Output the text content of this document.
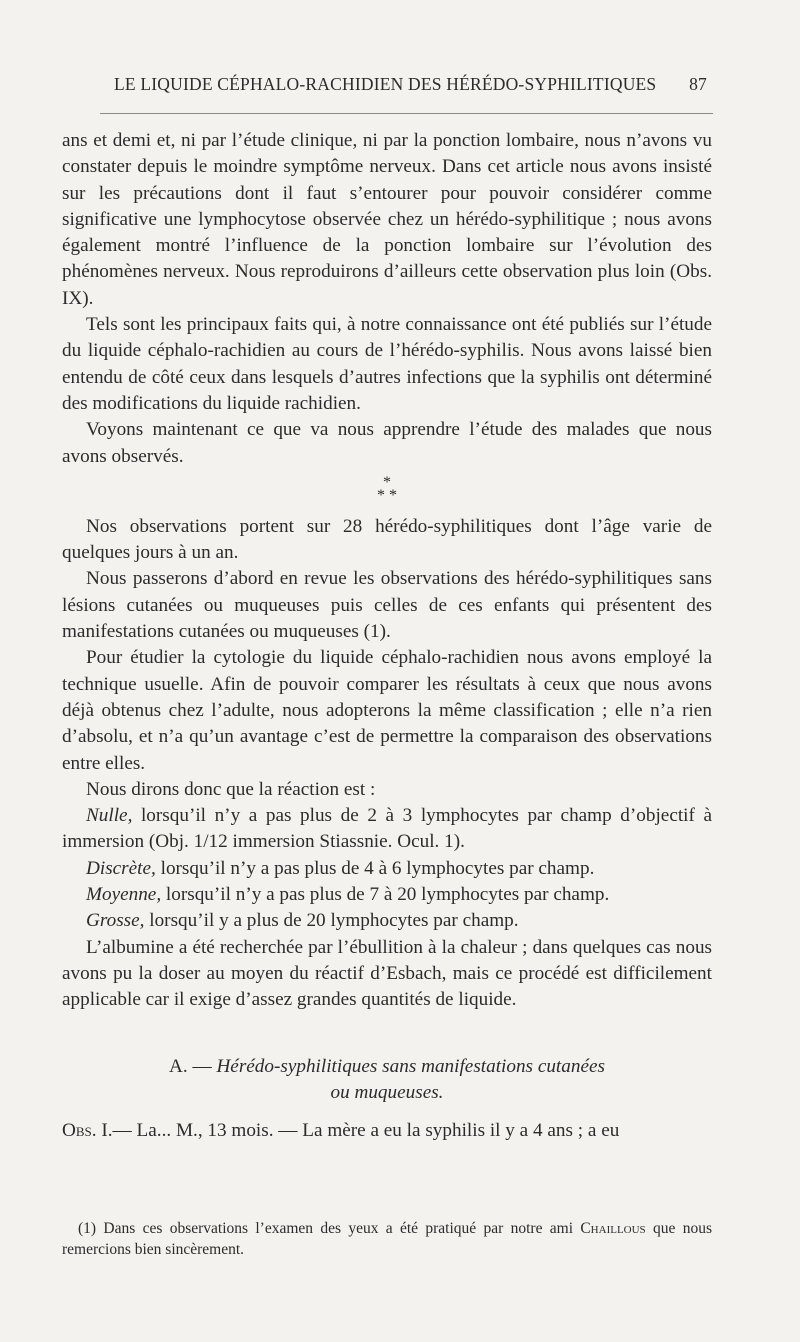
LE LIQUIDE CÉPHALO-RACHIDIEN DES HÉRÉDO-SYPHILITIQUES 87

ans et demi et, ni par l’étude clinique, ni par la ponction lombaire, nous n’avons vu constater depuis le moindre symptôme nerveux. Dans cet article nous avons insisté sur les précautions dont il faut s’entourer pour pouvoir considérer comme significative une lymphocytose observée chez un hérédo-syphilitique ; nous avons également montré l’influence de la ponction lombaire sur l’évolution des phénomènes nerveux. Nous reproduirons d’ailleurs cette observation plus loin (Obs. IX).

Tels sont les principaux faits qui, à notre connaissance ont été publiés sur l’étude du liquide céphalo-rachidien au cours de l’hérédo-syphilis. Nous avons laissé bien entendu de côté ceux dans lesquels d’autres infections que la syphilis ont déterminé des modifications du liquide rachidien.

Voyons maintenant ce que va nous apprendre l’étude des malades que nous avons observés.

*
* *

Nos observations portent sur 28 hérédo-syphilitiques dont l’âge varie de quelques jours à un an.

Nous passerons d’abord en revue les observations des hérédo-syphilitiques sans lésions cutanées ou muqueuses puis celles de ces enfants qui présentent des manifestations cutanées ou muqueuses (1).

Pour étudier la cytologie du liquide céphalo-rachidien nous avons employé la technique usuelle. Afin de pouvoir comparer les résultats à ceux que nous avons déjà obtenus chez l’adulte, nous adopterons la même classification ; elle n’a rien d’absolu, et n’a qu’un avantage c’est de permettre la comparaison des observations entre elles.

Nous dirons donc que la réaction est :

Nulle, lorsqu’il n’y a pas plus de 2 à 3 lymphocytes par champ d’objectif à immersion (Obj. 1/12 immersion Stiassnie. Ocul. 1).

Discrète, lorsqu’il n’y a pas plus de 4 à 6 lymphocytes par champ.

Moyenne, lorsqu’il n’y a pas plus de 7 à 20 lymphocytes par champ.

Grosse, lorsqu’il y a plus de 20 lymphocytes par champ.

L’albumine a été recherchée par l’ébullition à la chaleur ; dans quelques cas nous avons pu la doser au moyen du réactif d’Esbach, mais ce procédé est difficilement applicable car il exige d’assez grandes quantités de liquide.

A. — Hérédo-syphilitiques sans manifestations cutanées
ou muqueuses.

Obs. I.— La... M., 13 mois. — La mère a eu la syphilis il y a 4 ans ; a eu

(1) Dans ces observations l’examen des yeux a été pratiqué par notre ami Chaillous que nous remercions bien sincèrement.
